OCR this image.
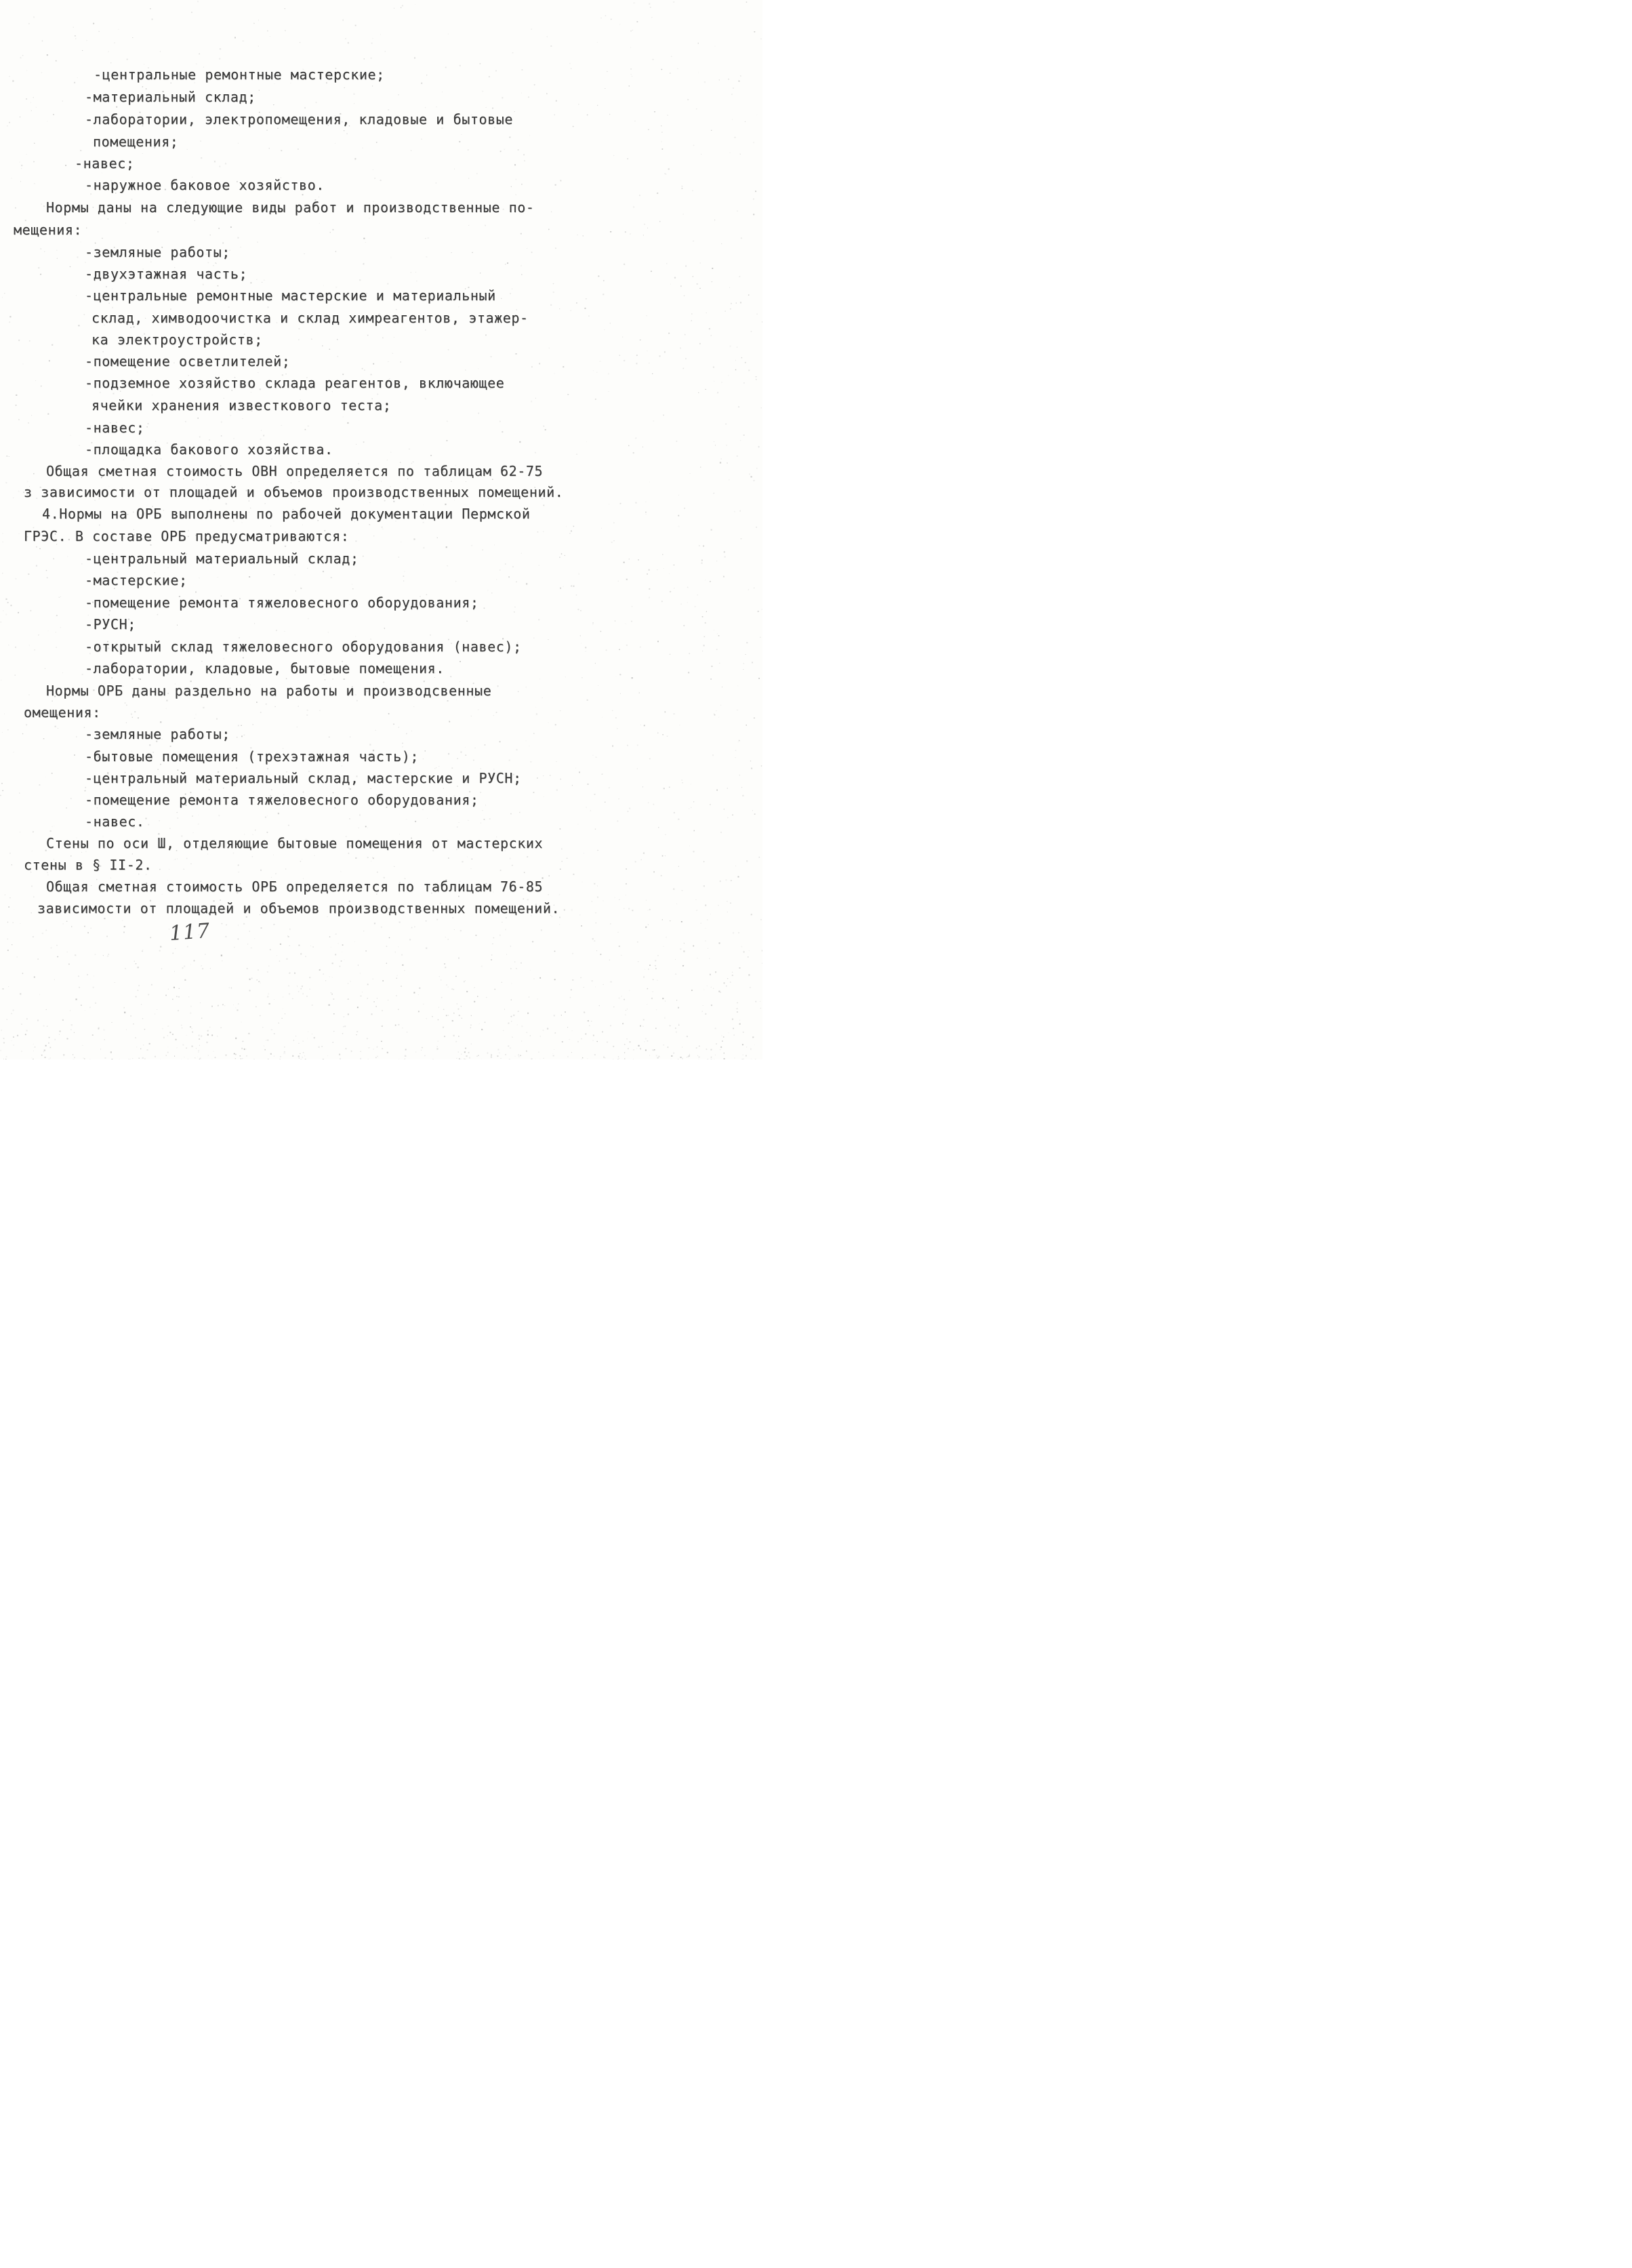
-центральные ремонтные мастерские;
-материальный склад;
-лаборатории, электропомещения, кладовые и бытовые
помещения;
-навес;
-наружное баковое хозяйство.
Нормы даны на следующие виды работ и производственные по-
мещения:
-земляные работы;
-двухэтажная часть;
-центральные ремонтные мастерские и материальный
склад, химводоочистка и склад химреагентов, этажер-
ка электроустройств;
-помещение осветлителей;
-подземное хозяйство склада реагентов, включающее
ячейки хранения известкового теста;
-навес;
-площадка бакового хозяйства.
Общая сметная стоимость ОВН определяется по таблицам 62-75
з зависимости от площадей и объемов производственных помещений.
4.Нормы на ОРБ выполнены по рабочей документации Пермской
ГРЭС. В составе ОРБ предусматриваются:
-центральный материальный склад;
-мастерские;
-помещение ремонта тяжеловесного оборудования;
-РУСН;
-открытый склад тяжеловесного оборудования (навес);
-лаборатории, кладовые, бытовые помещения.
Нормы ОРБ даны раздельно на работы и производсвенные
омещения:
-земляные работы;
-бытовые помещения (трехэтажная часть);
-центральный материальный склад, мастерские и РУСН;
-помещение ремонта тяжеловесного оборудования;
-навес.
Стены по оси Ш, отделяющие бытовые помещения от мастерских
стены в § II-2.
Общая сметная стоимость ОРБ определяется по таблицам 76-85
зависимости от площадей и объемов производственных помещений.
117
